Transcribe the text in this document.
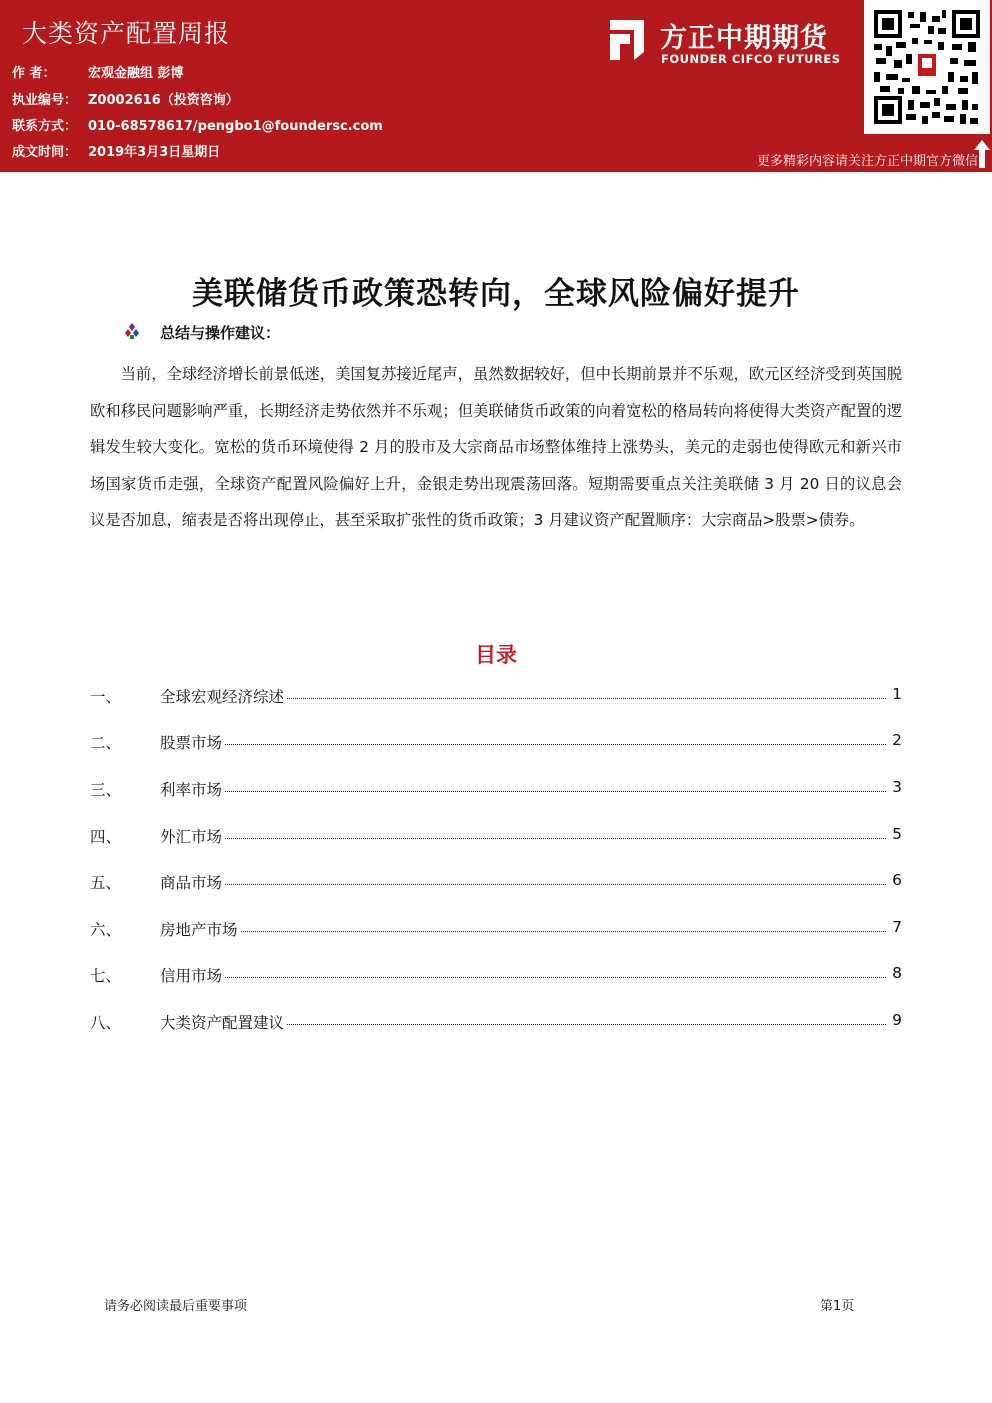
大类资产配置周报
作 者： 宏观金融组 彭博
执业编号： Z0002616（投资咨询）
联系方式： 010-68578617/pengbo1@foundersc.com
成文时间： 2019年3月3日星期日
方正中期期货
FOUNDER CIFCO FUTURES
更多精彩内容请关注方正中期官方微信
美联储货币政策恐转向，全球风险偏好提升
总结与操作建议：
当前，全球经济增长前景低迷，美国复苏接近尾声，虽然数据较好，但中长期前景并不乐观，欧元区经济受到英国脱欧和移民问题影响严重，长期经济走势依然并不乐观；但美联储货币政策的向着宽松的格局转向将使得大类资产配置的逻辑发生较大变化。宽松的货币环境使得 2 月的股市及大宗商品市场整体维持上涨势头，美元的走弱也使得欧元和新兴市场国家货币走强，全球资产配置风险偏好上升，金银走势出现震荡回落。短期需要重点关注美联储 3 月 20 日的议息会议是否加息，缩表是否将出现停止，甚至采取扩张性的货币政策；3 月建议资产配置顺序：大宗商品>股票>债券。
目录
一、	全球宏观经济综述	1
二、	股票市场	2
三、	利率市场	3
四、	外汇市场	5
五、	商品市场	6
六、	房地产市场	7
七、	信用市场	8
八、	大类资产配置建议	9
请务必阅读最后重要事项	第1页
